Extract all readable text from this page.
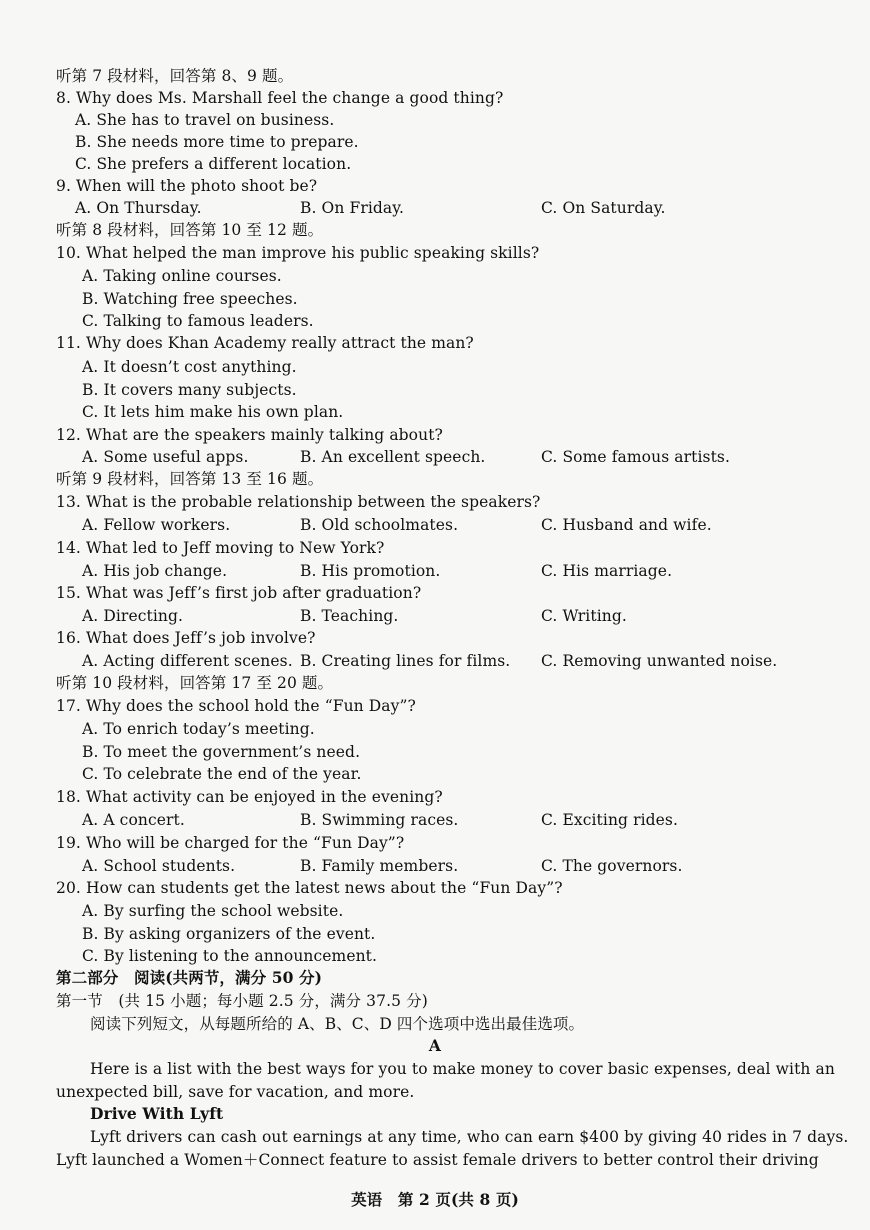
听第 7 段材料，回答第 8、9 题。
8. Why does Ms. Marshall feel the change a good thing?
A. She has to travel on business.
B. She needs more time to prepare.
C. She prefers a different location.
9. When will the photo shoot be?
A. On Thursday.	B. On Friday.	C. On Saturday.
听第 8 段材料，回答第 10 至 12 题。
10. What helped the man improve his public speaking skills?
A. Taking online courses.
B. Watching free speeches.
C. Talking to famous leaders.
11. Why does Khan Academy really attract the man?
A. It doesn’t cost anything.
B. It covers many subjects.
C. It lets him make his own plan.
12. What are the speakers mainly talking about?
A. Some useful apps.	B. An excellent speech.	C. Some famous artists.
听第 9 段材料，回答第 13 至 16 题。
13. What is the probable relationship between the speakers?
A. Fellow workers.	B. Old schoolmates.	C. Husband and wife.
14. What led to Jeff moving to New York?
A. His job change.	B. His promotion.	C. His marriage.
15. What was Jeff’s first job after graduation?
A. Directing.	B. Teaching.	C. Writing.
16. What does Jeff’s job involve?
A. Acting different scenes. B. Creating lines for films. C. Removing unwanted noise.
听第 10 段材料，回答第 17 至 20 题。
17. Why does the school hold the “Fun Day”?
A. To enrich today’s meeting.
B. To meet the government’s need.
C. To celebrate the end of the year.
18. What activity can be enjoyed in the evening?
A. A concert.	B. Swimming races.	C. Exciting rides.
19. Who will be charged for the “Fun Day”?
A. School students.	B. Family members.	C. The governors.
20. How can students get the latest news about the “Fun Day”?
A. By surfing the school website.
B. By asking organizers of the event.
C. By listening to the announcement.
第二部分　阅读(共两节，满分 50 分)
第一节　(共 15 小题；每小题 2.5 分，满分 37.5 分)
阅读下列短文，从每题所给的 A、B、C、D 四个选项中选出最佳选项。
A
Here is a list with the best ways for you to make money to cover basic expenses, deal with an
unexpected bill, save for vacation, and more.
Drive With Lyft
Lyft drivers can cash out earnings at any time, who can earn $400 by giving 40 rides in 7 days.
Lyft launched a Women＋Connect feature to assist female drivers to better control their driving
英语　第 2 页(共 8 页)
